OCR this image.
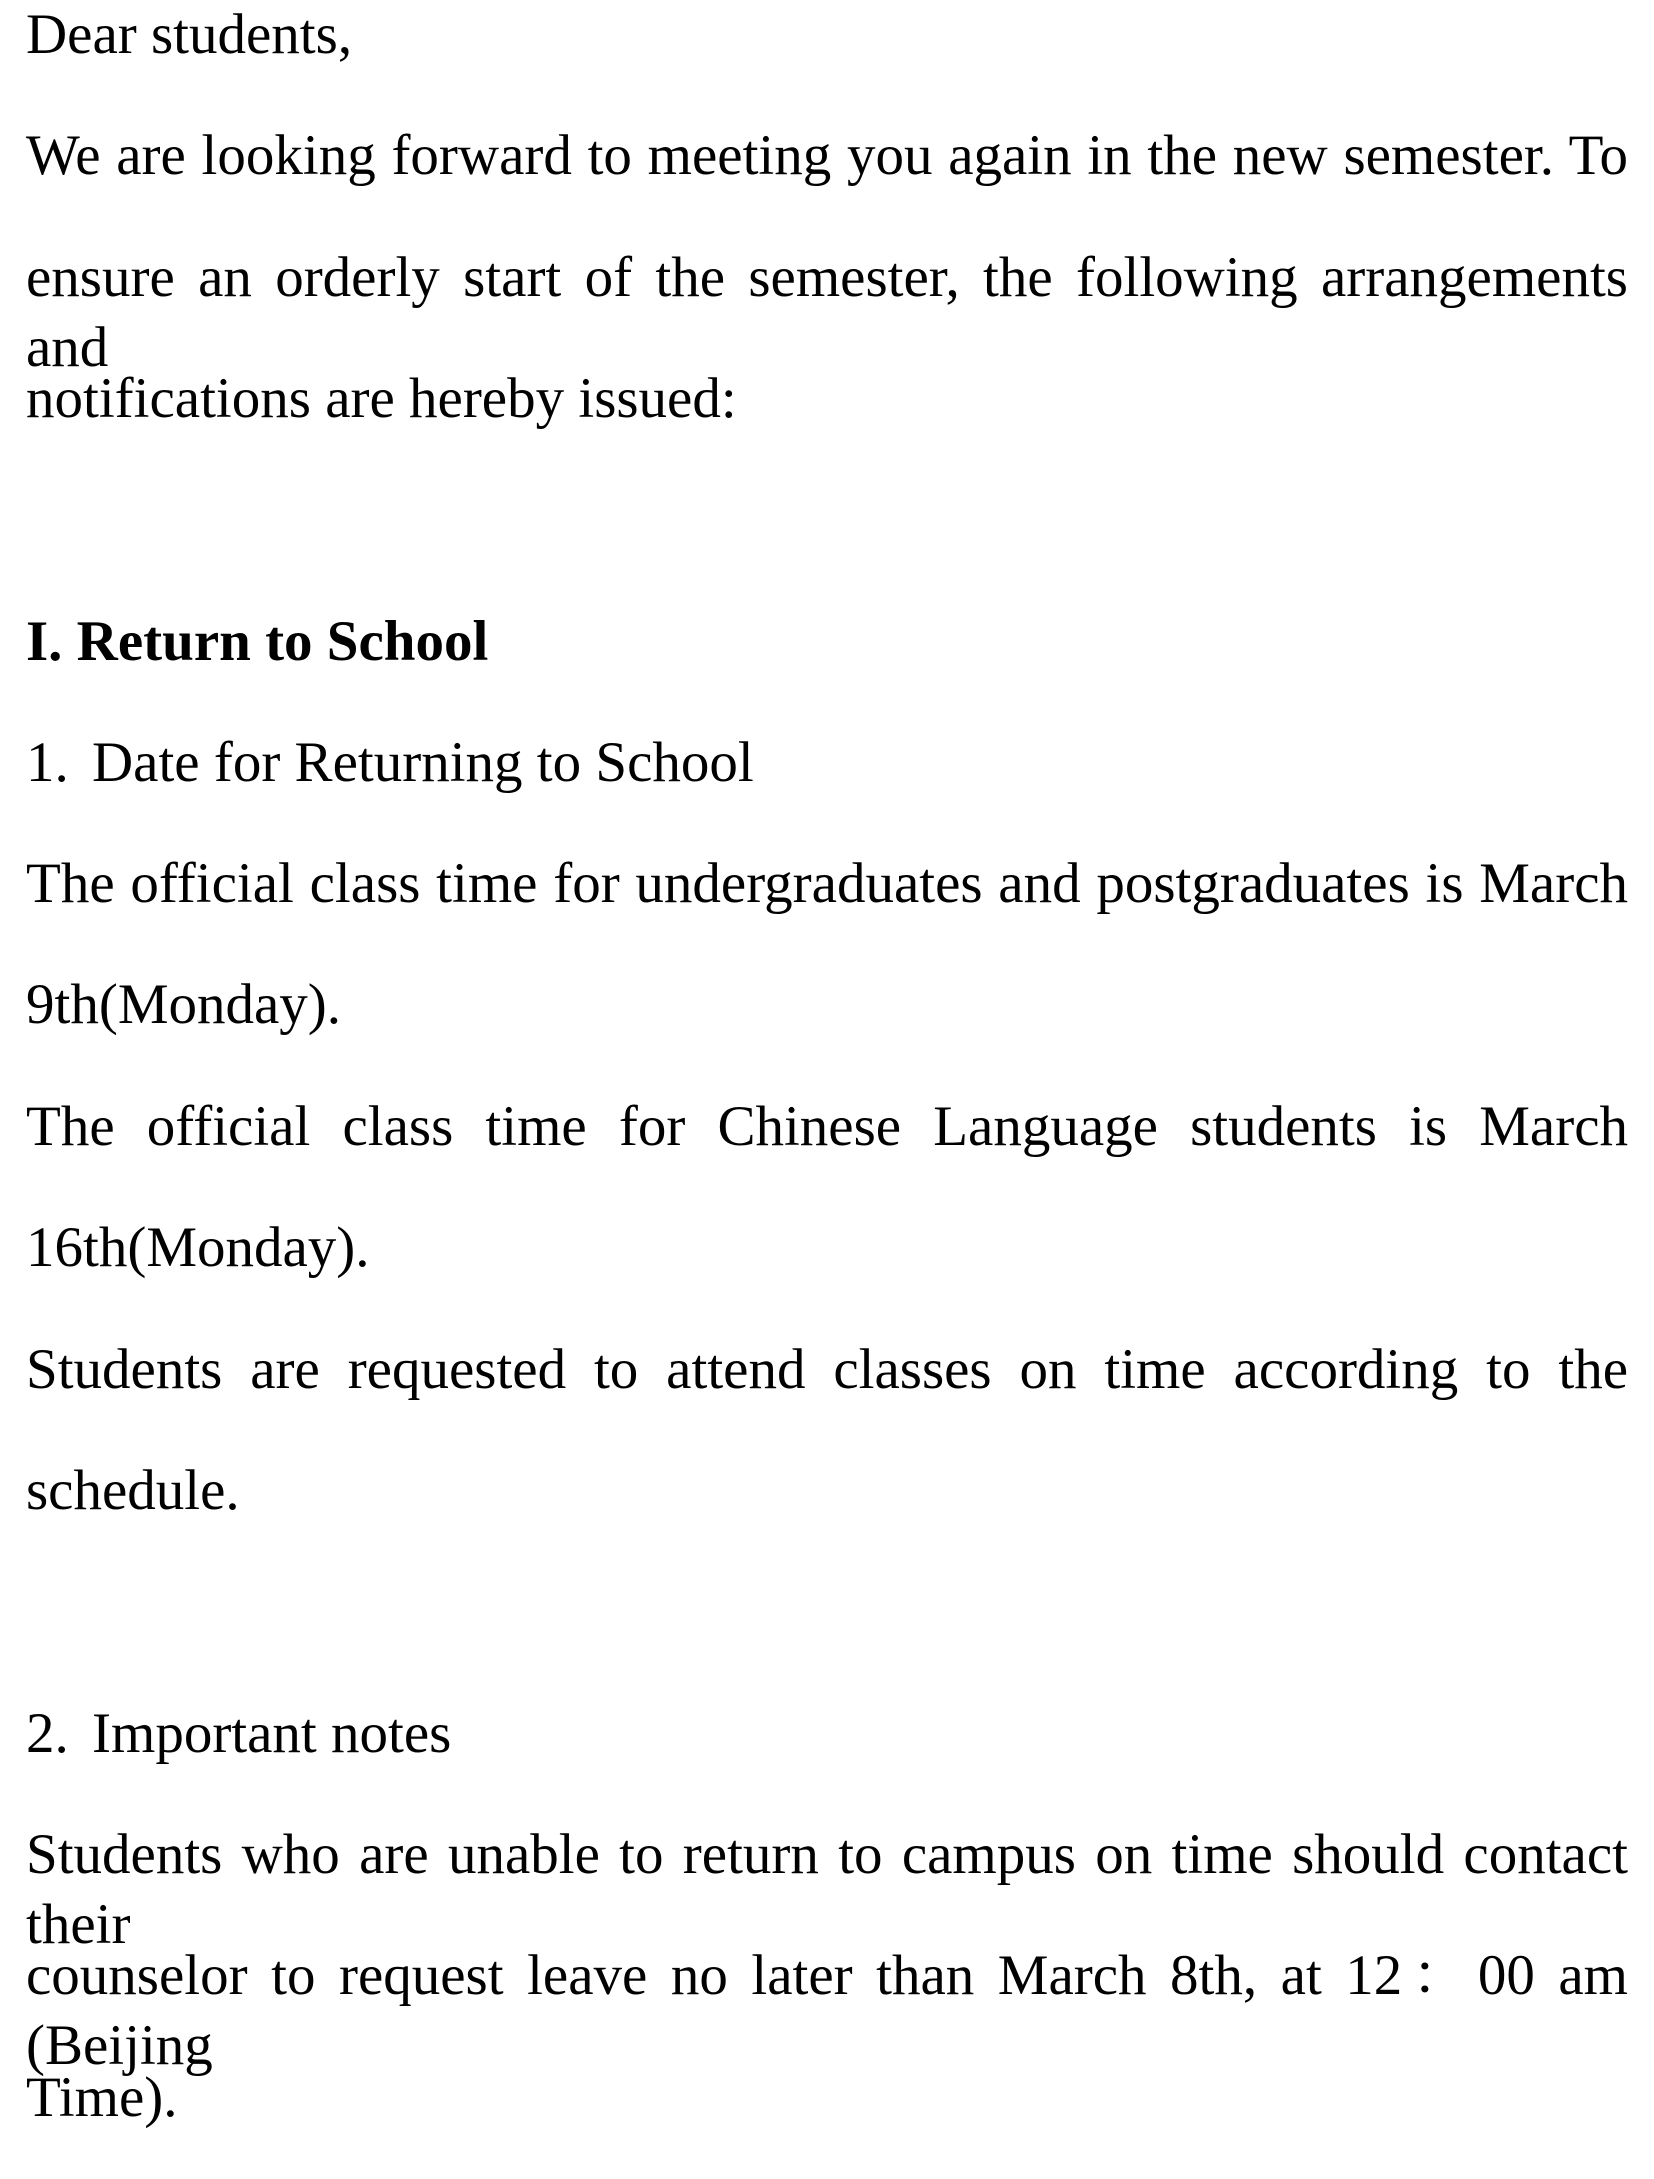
Dear students,
We are looking forward to meeting you again in the new semester. To
ensure an orderly start of the semester, the following arrangements and
notifications are hereby issued:
I. Return to School
1. Date for Returning to School
The official class time for undergraduates and postgraduates is March
9th(Monday).
The official class time for Chinese Language students is March
16th(Monday).
Students are requested to attend classes on time according to the
schedule.
2. Important notes
Students who are unable to return to campus on time should contact their
counselor to request leave no later than March 8th, at 12：00 am (Beijing
Time).
